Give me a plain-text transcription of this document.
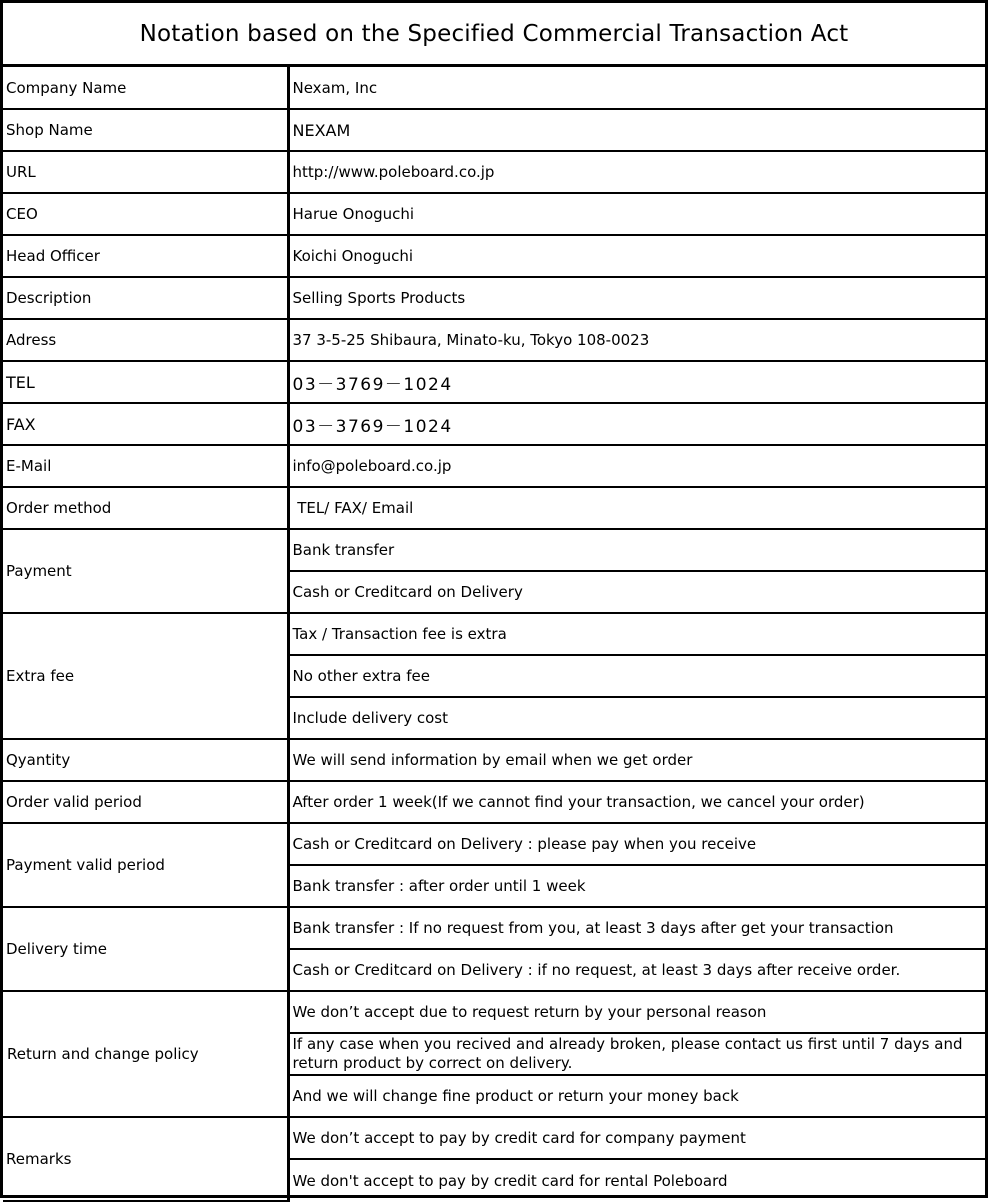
Notation based on the Specified Commercial Transaction Act
Company Name	Nexam, Inc
Shop Name	NEXAM
URL	http://www.poleboard.co.jp
CEO	Harue Onoguchi
Head Officer	Koichi Onoguchi
Description	Selling Sports Products
Adress	37 3-5-25 Shibaura, Minato-ku, Tokyo 108-0023
TEL	03－3769－1024
FAX	03－3769－1024
E-Mail	info@poleboard.co.jp
Order method	TEL/ FAX/ Email
Payment	Bank transfer
	Cash or Creditcard on Delivery
Extra fee	Tax / Transaction fee is extra
	No other extra fee
	Include delivery cost
Qyantity	We will send information by email when we get order
Order valid period	After order 1 week(If we cannot find your transaction, we cancel your order)
Payment valid period	Cash or Creditcard on Delivery : please pay when you receive
	Bank transfer : after order until 1 week
Delivery time	Bank transfer : If no request from you, at least 3 days after get your transaction
	Cash or Creditcard on Delivery : if no request, at least 3 days after receive order.
Return and change policy	We don’t accept due to request return by your personal reason
	If any case when you recived and already broken, please contact us first until 7 days and return product by correct on delivery.
	And we will change fine product or return your money back
Remarks	We don’t accept to pay by credit card for company payment
	We don't accept to pay by credit card for rental Poleboard
